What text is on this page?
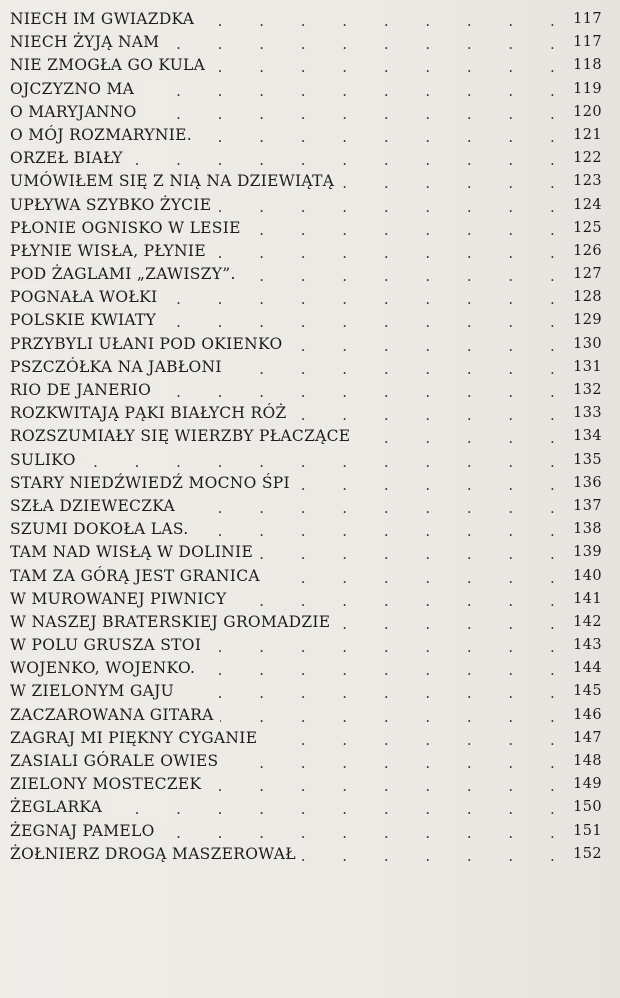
. . .
NIECH IM GWIAZDKA	117
. . .
NIECH ŻYJĄ NAM	117
. . .
NIE ZMOGŁA GO KULA	118
. . .
OJCZYZNO MA	119
. . .
O MARYJANNO	120
. . .
O MÓJ ROZMARYNIE.	121
. . .
ORZEŁ BIAŁY	122
. . .
UMÓWIŁEM SIĘ Z NIĄ NA DZIEWIĄTĄ	123
. . .
UPŁYWA SZYBKO ŻYCIE	124
. . .
PŁONIE OGNISKO W LESIE	125
. . .
PŁYNIE WISŁA, PŁYNIE	126
. . .
POD ŻAGLAMI „ZAWISZY”.	127
. . .
POGNAŁA WOŁKI	128
. . .
POLSKIE KWIATY	129
. . .
PRZYBYLI UŁANI POD OKIENKO	130
. . .
PSZCZÓŁKA NA JABŁONI	131
. . .
RIO DE JANERIO	132
. . .
ROZKWITAJĄ PĄKI BIAŁYCH RÓŻ	133
. . .
ROZSZUMIAŁY SIĘ WIERZBY PŁACZĄCE	134
. . .
SULIKO	135
. . .
STARY NIEDŹWIEDŹ MOCNO ŚPI	136
. . .
SZŁA DZIEWECZKA	137
. . .
SZUMI DOKOŁA LAS.	138
. . .
TAM NAD WISŁĄ W DOLINIE	139
. . .
TAM ZA GÓRĄ JEST GRANICA	140
. . .
W MUROWANEJ PIWNICY	141
. . .
W NASZEJ BRATERSKIEJ GROMADZIE	142
. . .
W POLU GRUSZA STOI	143
. . .
WOJENKO, WOJENKO.	144
. . .
W ZIELONYM GAJU	145
. . .
ZACZAROWANA GITARA	146
. . .
ZAGRAJ MI PIĘKNY CYGANIE	147
. . .
ZASIALI GÓRALE OWIES	148
. . .
ZIELONY MOSTECZEK	149
. . .
ŻEGLARKA	150
. . .
ŻEGNAJ PAMELO	151
. . .
ŻOŁNIERZ DROGĄ MASZEROWAŁ	152
